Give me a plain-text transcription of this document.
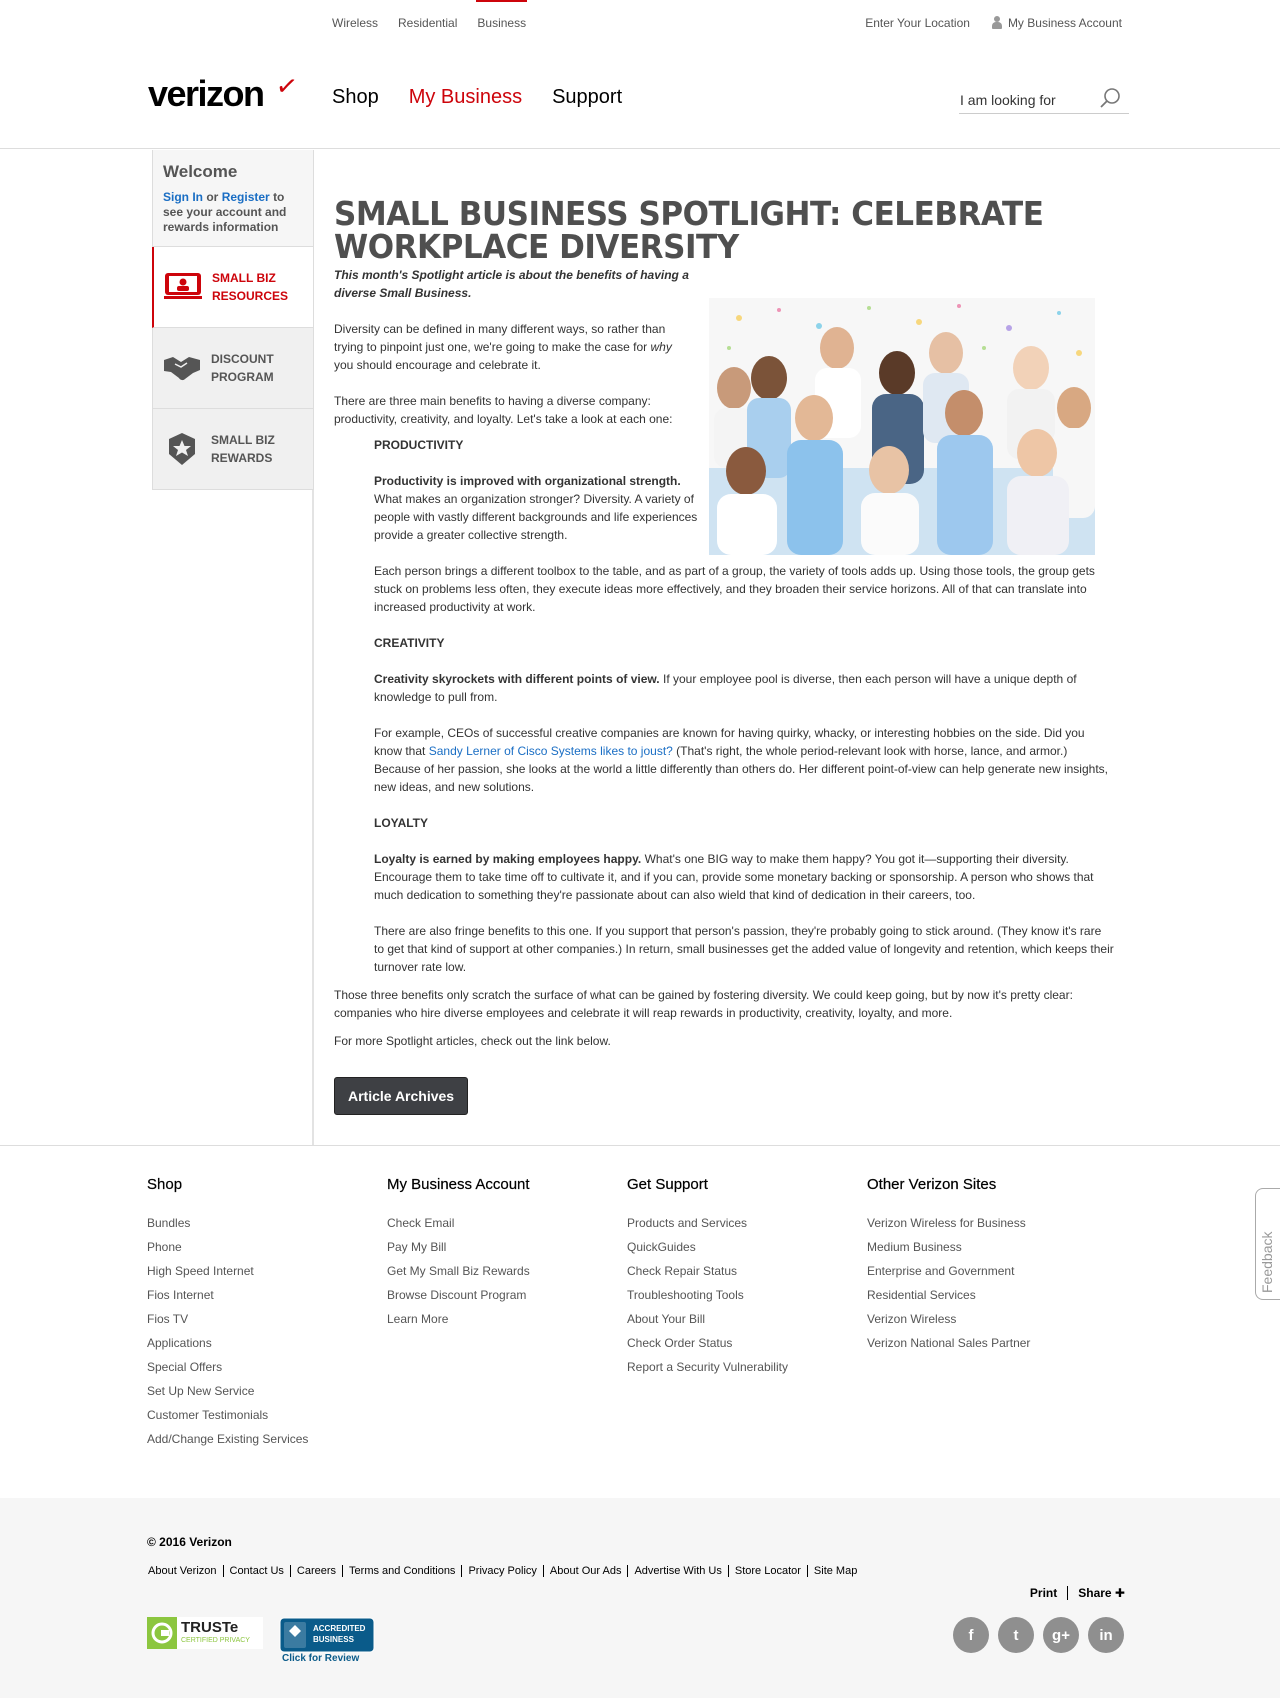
Wireless Residential Business	Enter Your Location	My Business Account
verizon ✓ Shop My Business Support	I am looking for
Welcome

Sign In or Register to see your account and rewards information

SMALL BIZ
RESOURCES
DISCOUNT
PROGRAM
SMALL BIZ
REWARDS
SMALL BUSINESS SPOTLIGHT: CELEBRATE WORKPLACE DIVERSITY
This month's Spotlight article is about the benefits of having a diverse Small Business.
Diversity can be defined in many different ways, so rather than trying to pinpoint just one, we're going to make the case for why you should encourage and celebrate it.
There are three main benefits to having a diverse company: productivity, creativity, and loyalty. Let's take a look at each one:
PRODUCTIVITY
Productivity is improved with organizational strength. What makes an organization stronger? Diversity. A variety of people with vastly different backgrounds and life experiences provide a greater collective strength.
Each person brings a different toolbox to the table, and as part of a group, the variety of tools adds up. Using those tools, the group gets stuck on problems less often, they execute ideas more effectively, and they broaden their service horizons. All of that can translate into increased productivity at work.
CREATIVITY
Creativity skyrockets with different points of view. If your employee pool is diverse, then each person will have a unique depth of knowledge to pull from.
For example, CEOs of successful creative companies are known for having quirky, whacky, or interesting hobbies on the side. Did you know that Sandy Lerner of Cisco Systems likes to joust? (That's right, the whole period-relevant look with horse, lance, and armor.) Because of her passion, she looks at the world a little differently than others do. Her different point-of-view can help generate new insights, new ideas, and new solutions.
LOYALTY
Loyalty is earned by making employees happy. What's one BIG way to make them happy? You got it—supporting their diversity. Encourage them to take time off to cultivate it, and if you can, provide some monetary backing or sponsorship. A person who shows that much dedication to something they're passionate about can also wield that kind of dedication in their careers, too.
There are also fringe benefits to this one. If you support that person's passion, they're probably going to stick around. (They know it's rare to get that kind of support at other companies.) In return, small businesses get the added value of longevity and retention, which keeps their turnover rate low.
Those three benefits only scratch the surface of what can be gained by fostering diversity. We could keep going, but by now it's pretty clear: companies who hire diverse employees and celebrate it will reap rewards in productivity, creativity, loyalty, and more.
For more Spotlight articles, check out the link below.
Article Archives
Shop
Bundles
Phone
High Speed Internet
Fios Internet
Fios TV
Applications
Special Offers
Set Up New Service
Customer Testimonials
Add/Change Existing Services
My Business Account
Check Email
Pay My Bill
Get My Small Biz Rewards
Browse Discount Program
Learn More
Get Support
Products and Services
QuickGuides
Check Repair Status
Troubleshooting Tools
About Your Bill
Check Order Status
Report a Security Vulnerability
Other Verizon Sites
Verizon Wireless for Business
Medium Business
Enterprise and Government
Residential Services
Verizon Wireless
Verizon National Sales Partner
Feedback
© 2016 Verizon
About Verizon	Contact Us	Careers	Terms and Conditions	Privacy Policy	About Our Ads	Advertise With Us	Store Locator	Site Map
Print Share ✚
TRUSTe
CERTIFIED PRIVACY
ACCREDITED
BUSINESS
Click for Review
f	t	g+	in
